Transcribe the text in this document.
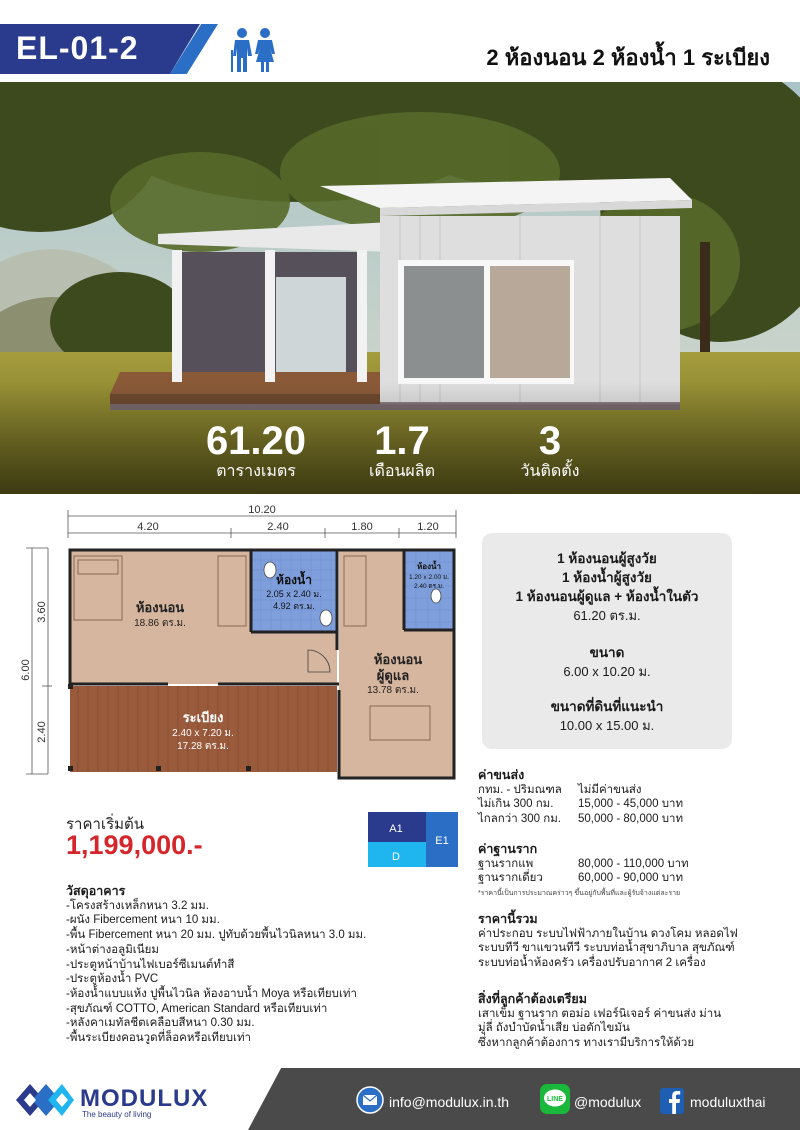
EL-01-2	2 ห้องนอน 2 ห้องน้ำ 1 ระเบียง
61.20
ตารางเมตร
1.7
เดือนผลิต
3
วันติดตั้ง
10.20
4.20	2.40	1.80	1.20
6.00
3.60
2.40
ห้องนอน
18.86 ตร.ม.
ห้องน้ำ
2.05 x 2.40 ม.
4.92 ตร.ม.
ห้องน้ำ
1.20 x 2.00 ม.
2.40 ตร.ม.
ห้องนอน
ผู้ดูแล
13.78 ตร.ม.
ระเบียง
2.40 x 7.20 ม.
17.28 ตร.ม.
1 ห้องนอนผู้สูงวัย
1 ห้องน้ำผู้สูงวัย
1 ห้องนอนผู้ดูแล + ห้องน้ำในตัว
61.20 ตร.ม.
ขนาด
6.00 x 10.20 ม.
ขนาดที่ดินที่แนะนำ
10.00 x 15.00 ม.
ราคาเริ่มต้น
1,199,000.-
A1
E1
D
วัสดุอาคาร
-โครงสร้างเหล็กหนา 3.2 มม.
-ผนัง Fibercement หนา 10 มม.
-พื้น Fibercement หนา 20 มม. ปูทับด้วยพื้นไวนิลหนา 3.0 มม.
-หน้าต่างอลูมิเนียม
-ประตูหน้าบ้านไฟเบอร์ซีเมนต์ทำสี
-ประตูห้องน้ำ PVC
-ห้องน้ำแบบแห้ง ปูพื้นไวนิล ห้องอาบน้ำ Moya หรือเทียบเท่า
-สุขภัณฑ์ COTTO, American Standard หรือเทียบเท่า
-หลังคาเมทัลชีตเคลือบสีหนา 0.30 มม.
-พื้นระเบียงคอนวูดที่ล็อคหรือเทียบเท่า
ค่าขนส่ง
กทม. - ปริมณฑล	ไม่มีค่าขนส่ง
ไม่เกิน 300 กม.	15,000 - 45,000 บาท
ไกลกว่า 300 กม.	50,000 - 80,000 บาท
ค่าฐานราก
ฐานรากแพ	80,000 - 110,000 บาท
ฐานรากเดี่ยว	60,000 - 90,000 บาท
*ราคานี้เป็นการประมาณคร่าวๆ ขึ้นอยู่กับพื้นที่และผู้รับจ้างแต่ละราย
ราคานี้รวม
ค่าประกอบ ระบบไฟฟ้าภายในบ้าน ดวงโคม หลอดไฟ
ระบบทีวี ขาแขวนทีวี ระบบท่อน้ำสุขาภิบาล สุขภัณฑ์
ระบบท่อน้ำห้องครัว เครื่องปรับอากาศ 2 เครื่อง
สิ่งที่ลูกค้าต้องเตรียม
เสาเข็ม ฐานราก ตอม่อ เฟอร์นิเจอร์ ค่าขนส่ง ม่าน
มู่ลี่ ถังบำบัดน้ำเสีย บ่อดักไขมัน
ซึ่งหากลูกค้าต้องการ ทางเรามีบริการให้ด้วย
MODULUX
The beauty of living
info@modulux.in.th	LINE @modulux	moduluxthai
